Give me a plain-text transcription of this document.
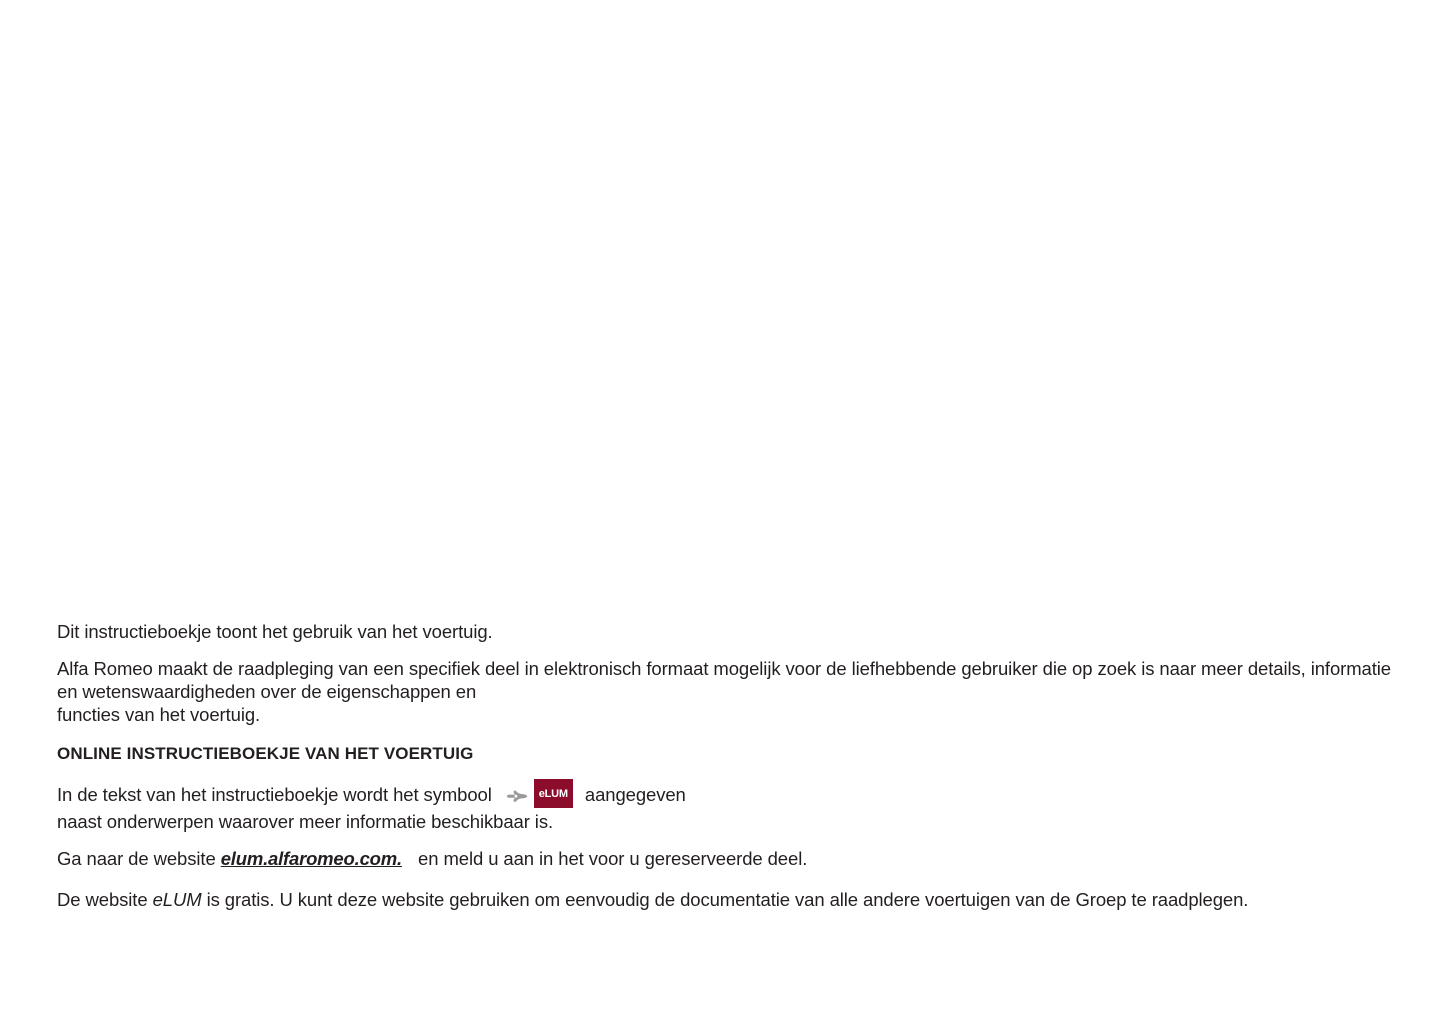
Dit instructieboekje toont het gebruik van het voertuig.

Alfa Romeo maakt de raadpleging van een specifiek deel in elektronisch formaat mogelijk voor de liefhebbende gebruiker die op zoek is naar meer details, informatie en wetenswaardigheden over de eigenschappen en
functies van het voertuig.

ONLINE INSTRUCTIEBOEKJE VAN HET VOERTUIG

In de tekst van het instructieboekje wordt het symbool	eLUM aangegeven
naast onderwerpen waarover meer informatie beschikbaar is.

Ga naar de website elum.alfaromeo.com. en meld u aan in het voor u gereserveerde deel.

De website eLUM is gratis. U kunt deze website gebruiken om eenvoudig de documentatie van alle andere voertuigen van de Groep te raadplegen.
